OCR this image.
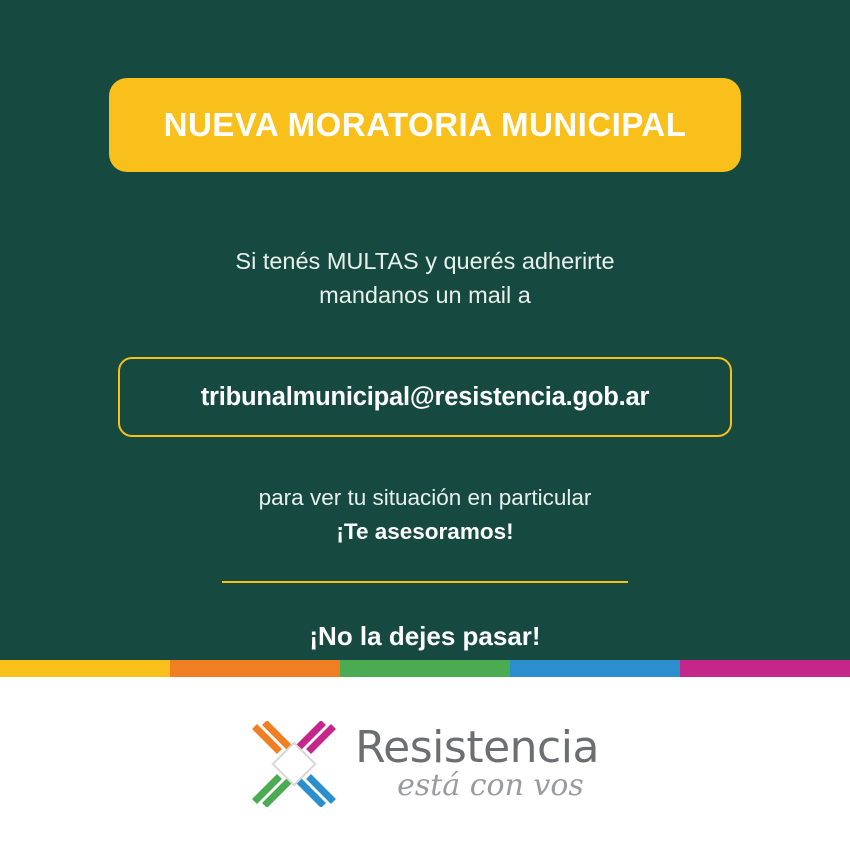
NUEVA MORATORIA MUNICIPAL
Si tenés MULTAS y querés adherirte
mandanos un mail a
tribunalmunicipal@resistencia.gob.ar
para ver tu situación en particular
¡Te asesoramos!
¡No la dejes pasar!
Resistencia
está con vos
